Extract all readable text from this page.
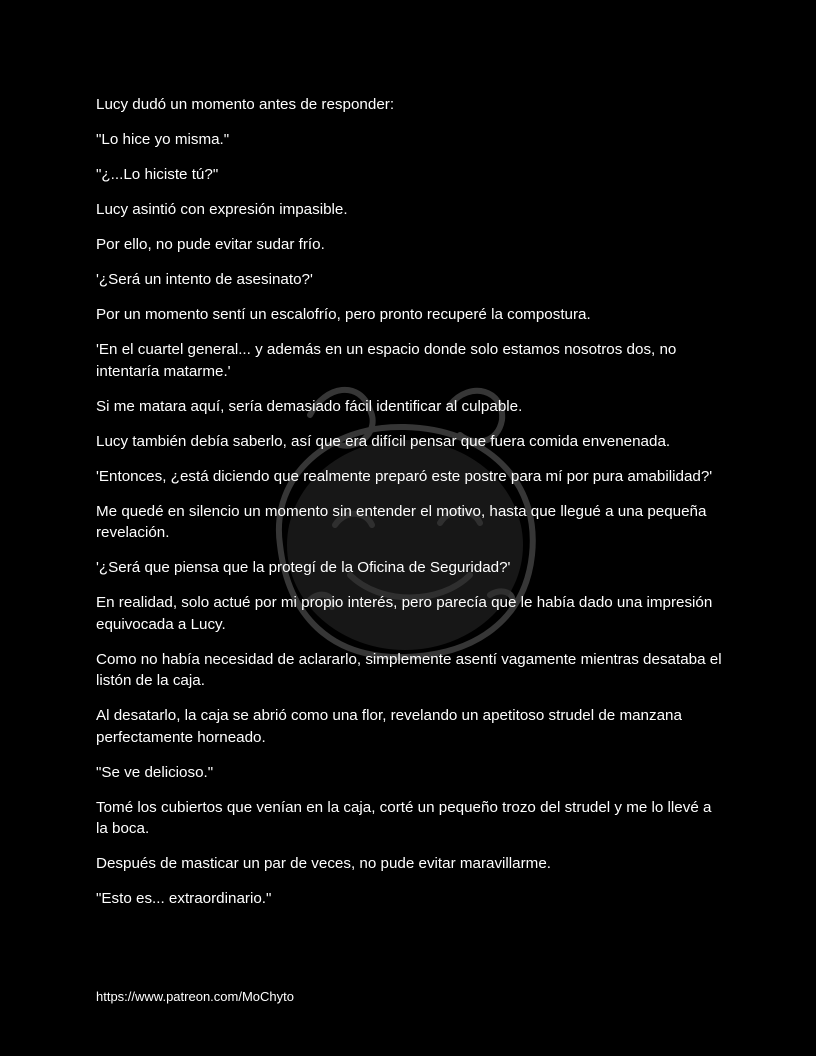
Lucy dudó un momento antes de responder:

"Lo hice yo misma."

"¿...Lo hiciste tú?"

Lucy asintió con expresión impasible.

Por ello, no pude evitar sudar frío.

'¿Será un intento de asesinato?'

Por un momento sentí un escalofrío, pero pronto recuperé la compostura.

'En el cuartel general... y además en un espacio donde solo estamos nosotros dos, no intentaría matarme.'

Si me matara aquí, sería demasiado fácil identificar al culpable.

Lucy también debía saberlo, así que era difícil pensar que fuera comida envenenada.

'Entonces, ¿está diciendo que realmente preparó este postre para mí por pura amabilidad?'

Me quedé en silencio un momento sin entender el motivo, hasta que llegué a una pequeña revelación.

'¿Será que piensa que la protegí de la Oficina de Seguridad?'

En realidad, solo actué por mi propio interés, pero parecía que le había dado una impresión equivocada a Lucy.

Como no había necesidad de aclararlo, simplemente asentí vagamente mientras desataba el listón de la caja.

Al desatarlo, la caja se abrió como una flor, revelando un apetitoso strudel de manzana perfectamente horneado.

"Se ve delicioso."

Tomé los cubiertos que venían en la caja, corté un pequeño trozo del strudel y me lo llevé a la boca.

Después de masticar un par de veces, no pude evitar maravillarme.

"Esto es... extraordinario."

https://www.patreon.com/MoChyto
